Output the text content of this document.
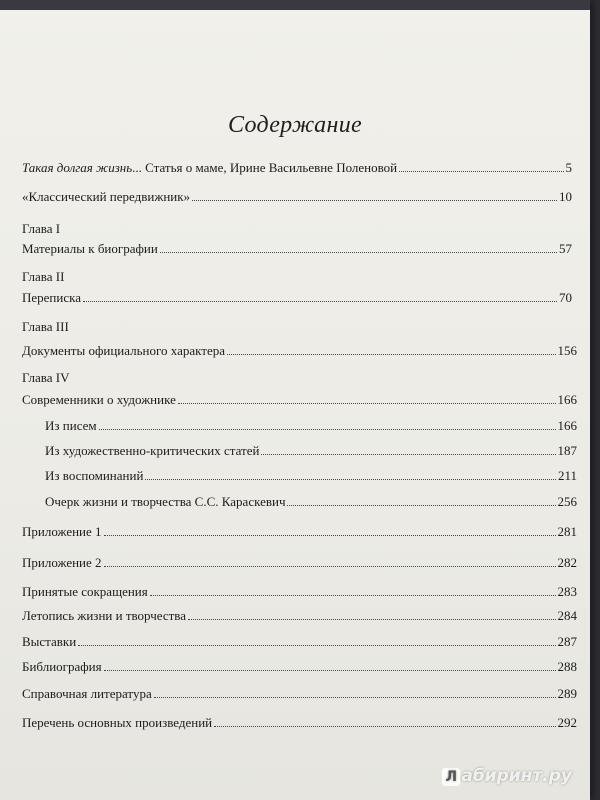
Содержание
Такая долгая жизнь... Статья о маме, Ирине Васильевне Поленовой	5
«Классический передвижник»	10
Глава I
Материалы к биографии	57
Глава II
Переписка	70
Глава III
Документы официального характера	156
Глава IV
Современники о художнике	166
Из писем	166
Из художественно-критических статей	187
Из воспоминаний	211
Очерк жизни и творчества С.С. Караскевич	256
Приложение 1	281
Приложение 2	282
Принятые сокращения	283
Летопись жизни и творчества	284
Выставки	287
Библиография	288
Справочная литература	289
Перечень основных произведений	292
Л абиринт.ру
